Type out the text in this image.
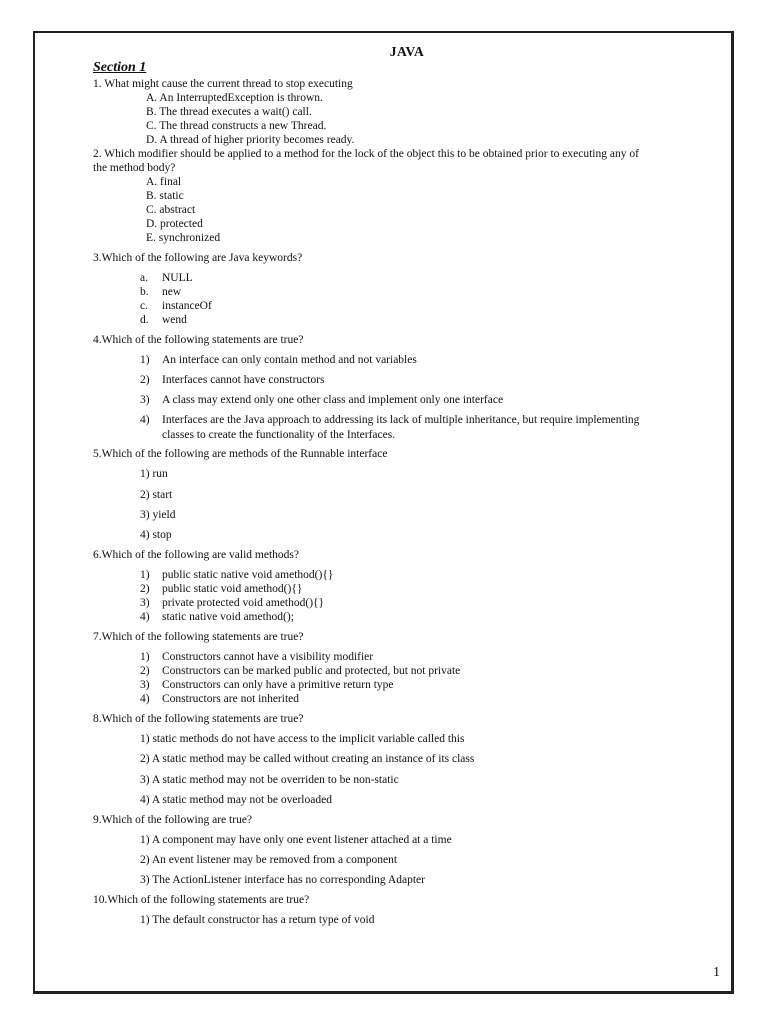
JAVA
Section 1
1. What might cause the current thread to stop executing
A. An InterruptedException is thrown.
B. The thread executes a wait() call.
C. The thread constructs a new Thread.
D. A thread of higher priority becomes ready.
2. Which modifier should be applied to a method for the lock of the object this to be obtained prior to executing any of
the method body?
A. final
B. static
C. abstract
D. protected
E. synchronized
3.Which of the following are Java keywords?
a. NULL
b. new
c. instanceOf
d. wend
4.Which of the following statements are true?
1) An interface can only contain method and not variables
2) Interfaces cannot have constructors
3) A class may extend only one other class and implement only one interface
4) Interfaces are the Java approach to addressing its lack of multiple inheritance, but require implementing
classes to create the functionality of the Interfaces.
5.Which of the following are methods of the Runnable interface
1) run
2) start
3) yield
4) stop
6.Which of the following are valid methods?
1) public static native void amethod(){}
2) public static void amethod(){}
3) private protected void amethod(){}
4) static native void amethod();
7.Which of the following statements are true?
1) Constructors cannot have a visibility modifier
2) Constructors can be marked public and protected, but not private
3) Constructors can only have a primitive return type
4) Constructors are not inherited
8.Which of the following statements are true?
1) static methods do not have access to the implicit variable called this
2) A static method may be called without creating an instance of its class
3) A static method may not be overriden to be non-static
4) A static method may not be overloaded
9.Which of the following are true?
1) A component may have only one event listener attached at a time
2) An event listener may be removed from a component
3) The ActionListener interface has no corresponding Adapter
10.Which of the following statements are true?
1) The default constructor has a return type of void
1
